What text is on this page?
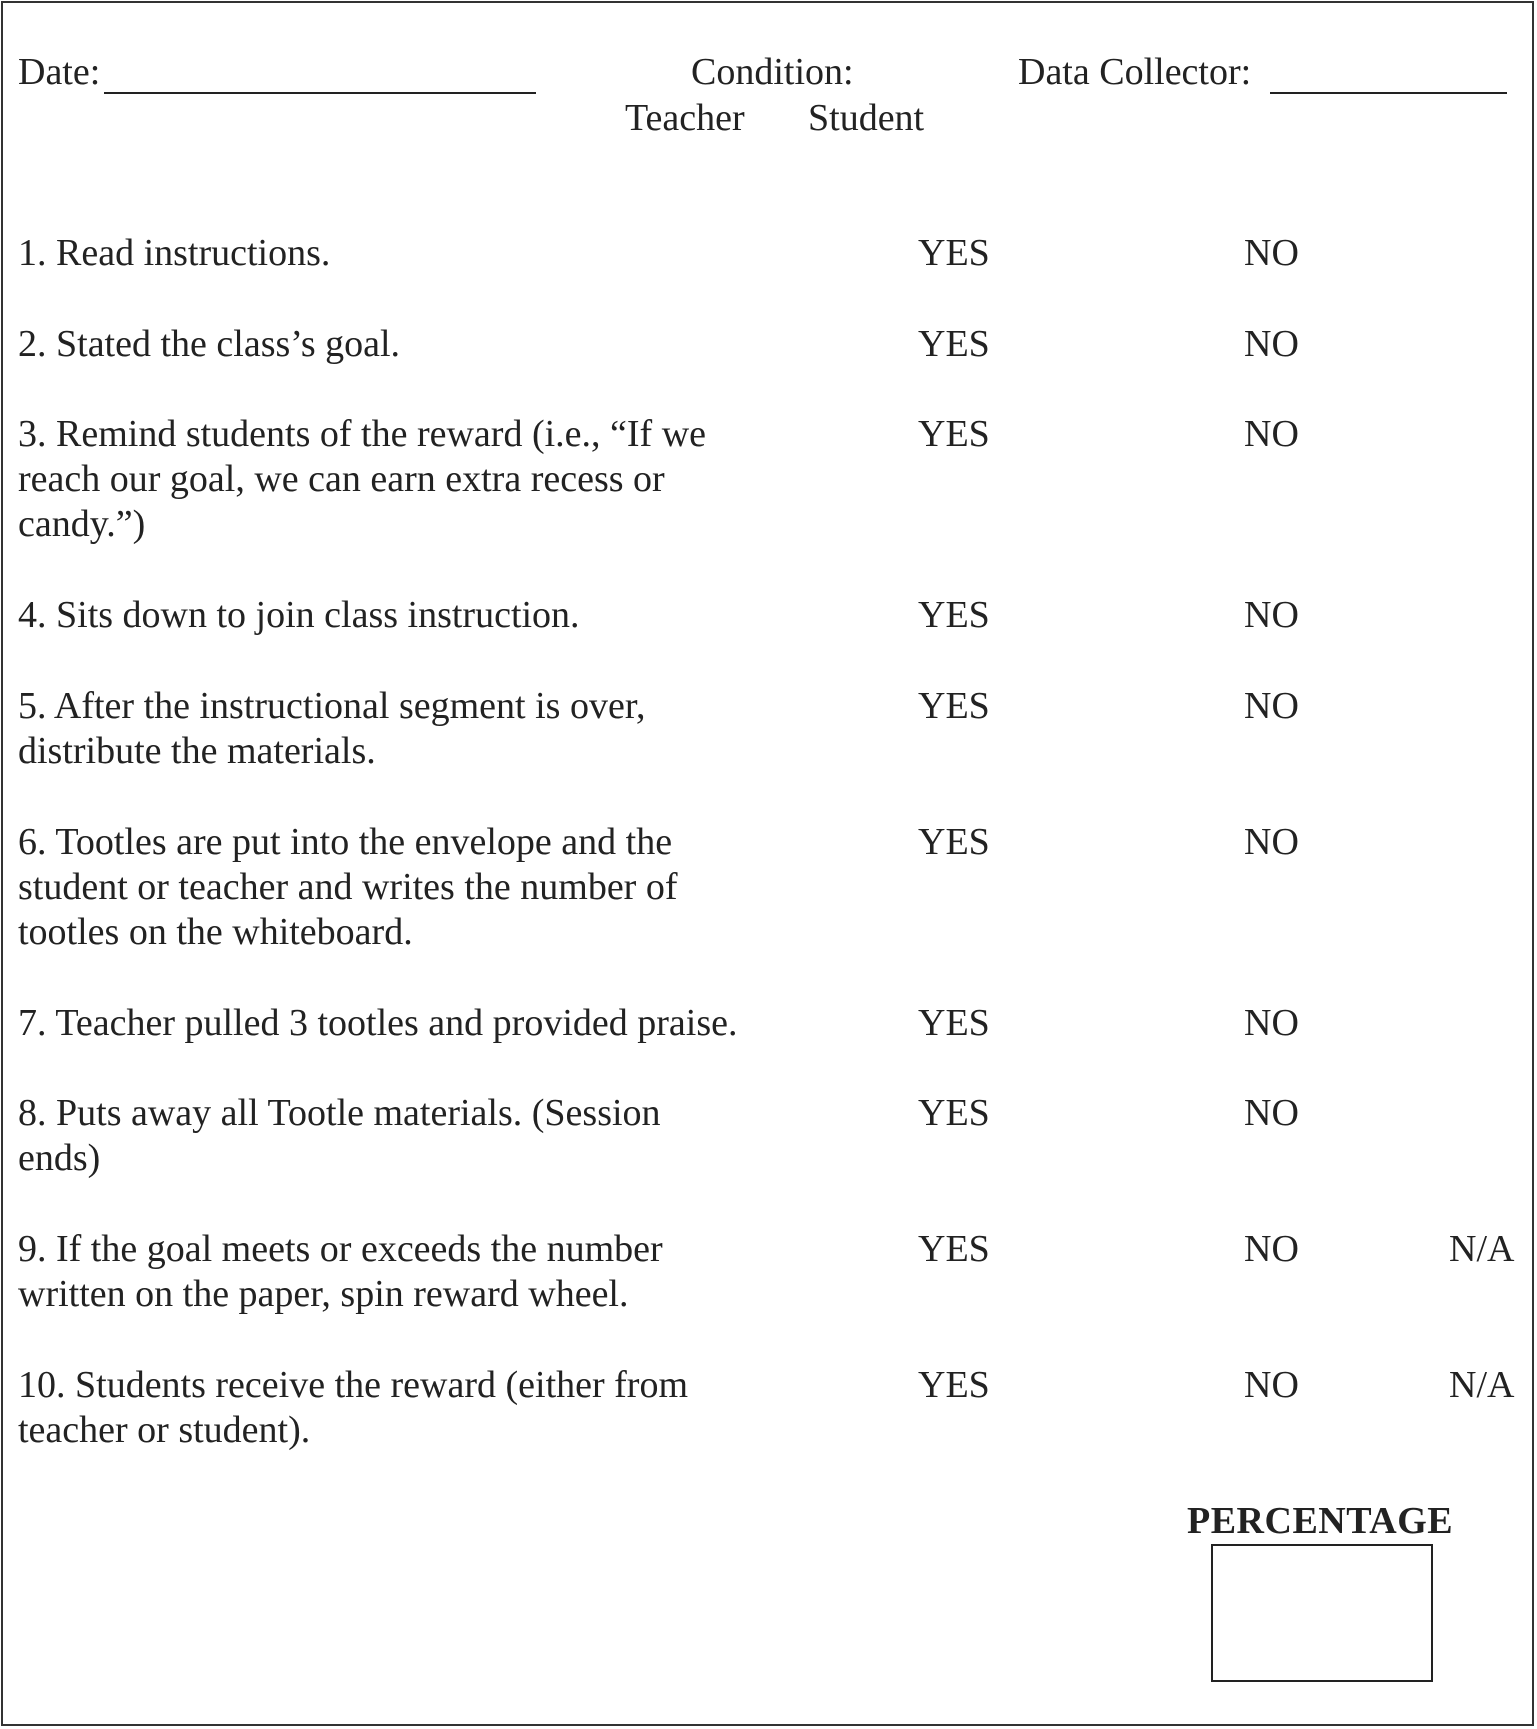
Date:	Condition:
Teacher Student
Data Collector:
1. Read instructions.	YES	NO
2. Stated the class’s goal.	YES	NO
3. Remind students of the reward (i.e., “If we
reach our goal, we can earn extra recess or
candy.”)
YES	NO
4. Sits down to join class instruction.	YES	NO
5. After the instructional segment is over,
distribute the materials.
YES	NO
6. Tootles are put into the envelope and the
student or teacher and writes the number of
tootles on the whiteboard.
YES	NO
7. Teacher pulled 3 tootles and provided praise.	YES	NO
8. Puts away all Tootle materials. (Session
ends)
YES	NO
9. If the goal meets or exceeds the number
written on the paper, spin reward wheel.
YES	NO	N/A
10. Students receive the reward (either from
teacher or student).
YES	NO	N/A
PERCENTAGE
